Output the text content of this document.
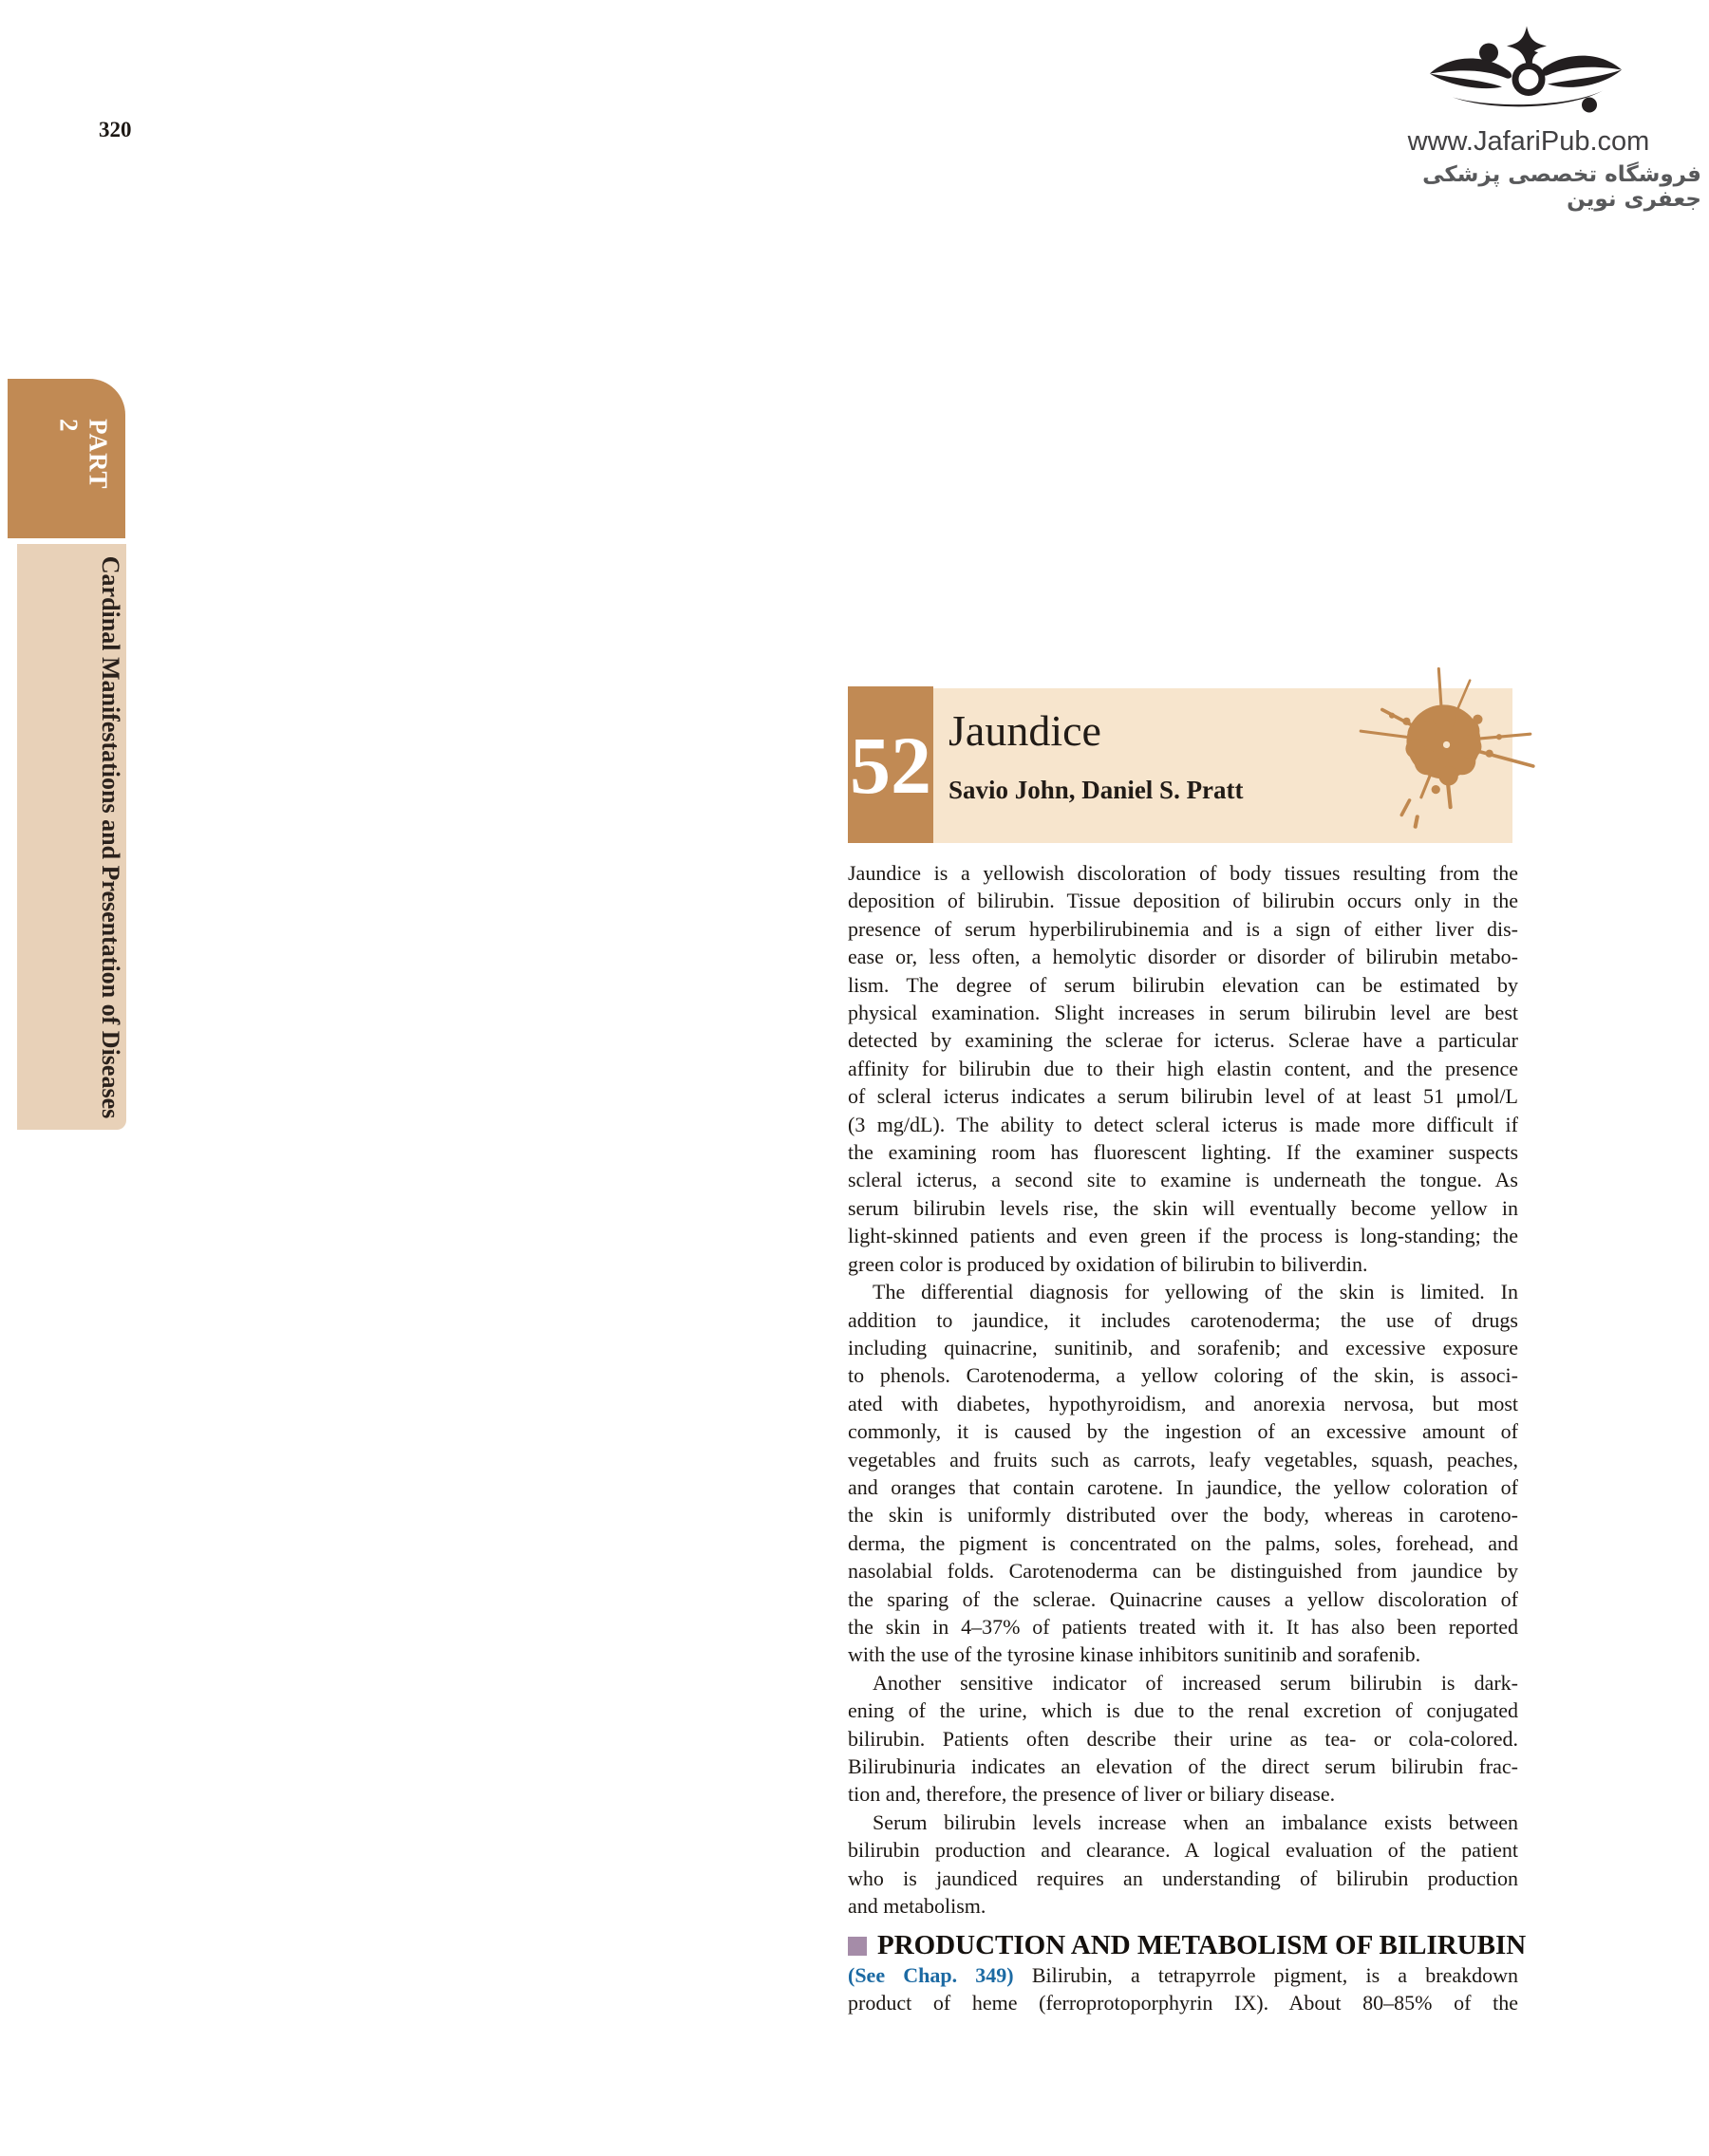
320	www.JafariPub.com
فروشگاه تخصصی پزشکی جعفری نوین
PART 2
Cardinal Manifestations and Presentation of Diseases	52 Jaundice
Savio John, Daniel S. Pratt
Jaundice is a yellowish discoloration of body tissues resulting from the
deposition of bilirubin. Tissue deposition of bilirubin occurs only in the
presence of serum hyperbilirubinemia and is a sign of either liver dis-
ease or, less often, a hemolytic disorder or disorder of bilirubin metabo-
lism. The degree of serum bilirubin elevation can be estimated by
physical examination. Slight increases in serum bilirubin level are best
detected by examining the sclerae for icterus. Sclerae have a particular
affinity for bilirubin due to their high elastin content, and the presence
of scleral icterus indicates a serum bilirubin level of at least 51 μmol/L
(3 mg/dL). The ability to detect scleral icterus is made more difficult if
the examining room has fluorescent lighting. If the examiner suspects
scleral icterus, a second site to examine is underneath the tongue. As
serum bilirubin levels rise, the skin will eventually become yellow in
light-skinned patients and even green if the process is long-standing; the
green color is produced by oxidation of bilirubin to biliverdin.
The differential diagnosis for yellowing of the skin is limited. In
addition to jaundice, it includes carotenoderma; the use of drugs
including quinacrine, sunitinib, and sorafenib; and excessive exposure
to phenols. Carotenoderma, a yellow coloring of the skin, is associ-
ated with diabetes, hypothyroidism, and anorexia nervosa, but most
commonly, it is caused by the ingestion of an excessive amount of
vegetables and fruits such as carrots, leafy vegetables, squash, peaches,
and oranges that contain carotene. In jaundice, the yellow coloration of
the skin is uniformly distributed over the body, whereas in caroteno-
derma, the pigment is concentrated on the palms, soles, forehead, and
nasolabial folds. Carotenoderma can be distinguished from jaundice by
the sparing of the sclerae. Quinacrine causes a yellow discoloration of
the skin in 4–37% of patients treated with it. It has also been reported
with the use of the tyrosine kinase inhibitors sunitinib and sorafenib.
Another sensitive indicator of increased serum bilirubin is dark-
ening of the urine, which is due to the renal excretion of conjugated
bilirubin. Patients often describe their urine as tea- or cola-colored.
Bilirubinuria indicates an elevation of the direct serum bilirubin frac-
tion and, therefore, the presence of liver or biliary disease.
Serum bilirubin levels increase when an imbalance exists between
bilirubin production and clearance. A logical evaluation of the patient
who is jaundiced requires an understanding of bilirubin production
and metabolism.
PRODUCTION AND METABOLISM OF BILIRUBIN
(See Chap. 349) Bilirubin, a tetrapyrrole pigment, is a breakdown
product of heme (ferroprotoporphyrin IX). About 80–85% of the
